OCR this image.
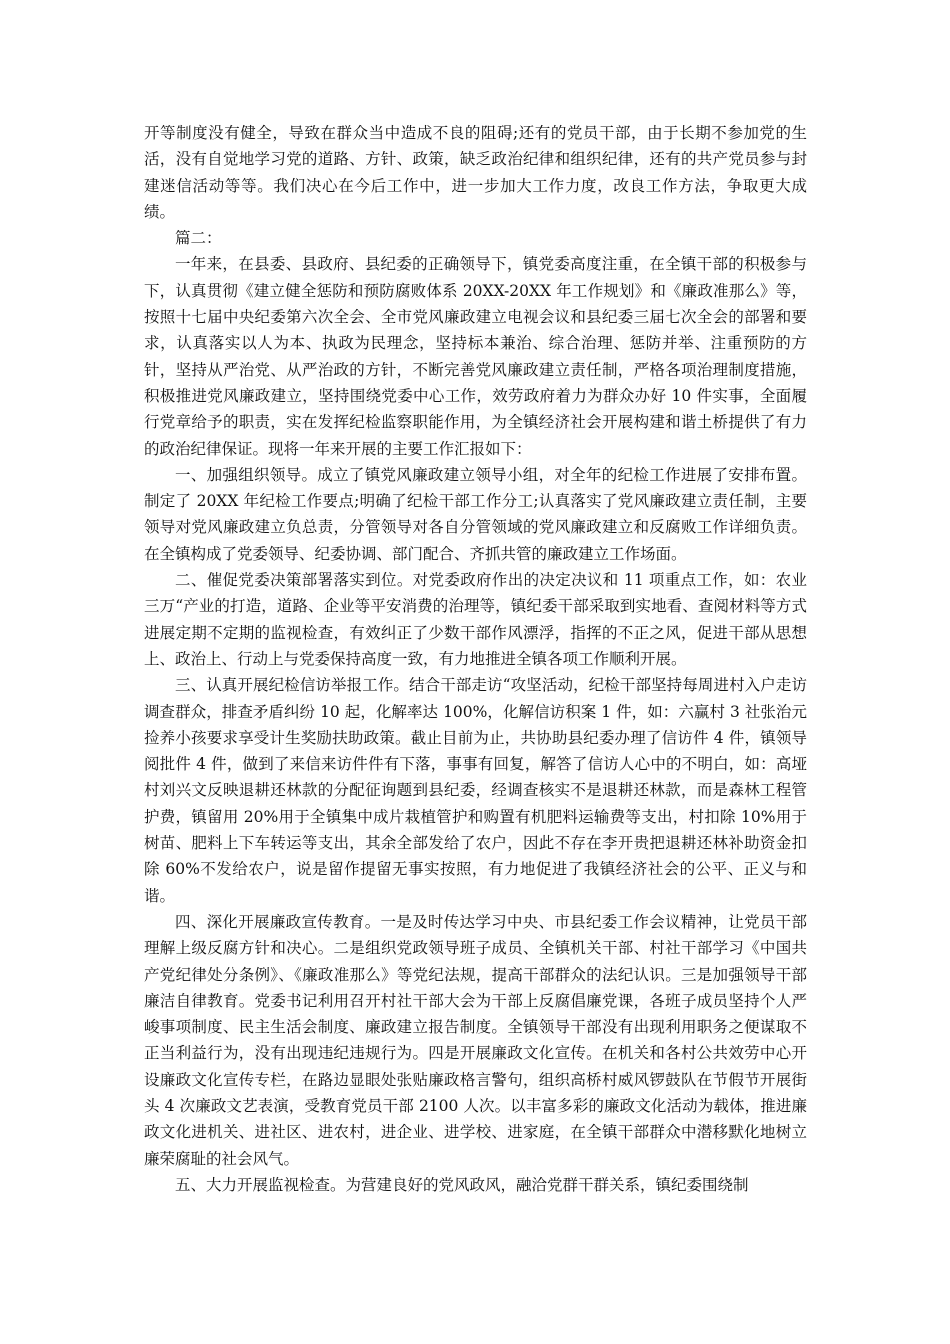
开等制度没有健全，导致在群众当中造成不良的阻碍;还有的党员干部，由于长期不参加党的生活，没有自觉地学习党的道路、方针、政策，缺乏政治纪律和组织纪律，还有的共产党员参与封建迷信活动等等。我们决心在今后工作中，进一步加大工作力度，改良工作方法，争取更大成绩。

篇二：

一年来，在县委、县政府、县纪委的正确领导下，镇党委高度注重，在全镇干部的积极参与下，认真贯彻《建立健全惩防和预防腐败体系 20XX-20XX 年工作规划》和《廉政准那么》等，按照十七届中央纪委第六次全会、全市党风廉政建立电视会议和县纪委三届七次全会的部署和要求，认真落实以人为本、执政为民理念，坚持标本兼治、综合治理、惩防并举、注重预防的方针，坚持从严治党、从严治政的方针，不断完善党风廉政建立责任制，严格各项治理制度措施，积极推进党风廉政建立，坚持围绕党委中心工作，效劳政府着力为群众办好 10 件实事，全面履行党章给予的职责，实在发挥纪检监察职能作用，为全镇经济社会开展构建和谐土桥提供了有力的政治纪律保证。现将一年来开展的主要工作汇报如下：

一、加强组织领导。成立了镇党风廉政建立领导小组，对全年的纪检工作进展了安排布置。制定了 20XX 年纪检工作要点;明确了纪检干部工作分工;认真落实了党风廉政建立责任制，主要领导对党风廉政建立负总责，分管领导对各自分管领域的党风廉政建立和反腐败工作详细负责。在全镇构成了党委领导、纪委协调、部门配合、齐抓共管的廉政建立工作场面。

二、催促党委决策部署落实到位。对党委政府作出的决定决议和 11 项重点工作，如：农业三万“产业的打造，道路、企业等平安消费的治理等，镇纪委干部采取到实地看、查阅材料等方式进展定期不定期的监视检查，有效纠正了少数干部作风漂浮，指挥的不正之风，促进干部从思想上、政治上、行动上与党委保持高度一致，有力地推进全镇各项工作顺利开展。

三、认真开展纪检信访举报工作。结合干部走访“攻坚活动，纪检干部坚持每周进村入户走访调查群众，排查矛盾纠纷 10 起，化解率达 100%，化解信访积案 1 件，如：六赢村 3 社张治元捡养小孩要求享受计生奖励扶助政策。截止目前为止，共协助县纪委办理了信访件 4 件，镇领导阅批件 4 件，做到了来信来访件件有下落，事事有回复，解答了信访人心中的不明白，如：高垭村刘兴文反映退耕还林款的分配征询题到县纪委，经调查核实不是退耕还林款，而是森林工程管护费，镇留用 20%用于全镇集中成片栽植管护和购置有机肥料运输费等支出，村扣除 10%用于树苗、肥料上下车转运等支出，其余全部发给了农户，因此不存在李开贵把退耕还林补助资金扣除 60%不发给农户，说是留作提留无事实按照，有力地促进了我镇经济社会的公平、正义与和谐。

四、深化开展廉政宣传教育。一是及时传达学习中央、市县纪委工作会议精神，让党员干部理解上级反腐方针和决心。二是组织党政领导班子成员、全镇机关干部、村社干部学习《中国共产党纪律处分条例》、《廉政准那么》等党纪法规，提高干部群众的法纪认识。三是加强领导干部廉洁自律教育。党委书记利用召开村社干部大会为干部上反腐倡廉党课，各班子成员坚持个人严峻事项制度、民主生活会制度、廉政建立报告制度。全镇领导干部没有出现利用职务之便谋取不正当利益行为，没有出现违纪违规行为。四是开展廉政文化宣传。在机关和各村公共效劳中心开设廉政文化宣传专栏，在路边显眼处张贴廉政格言警句，组织高桥村威风锣鼓队在节假节开展街头 4 次廉政文艺表演，受教育党员干部 2100 人次。以丰富多彩的廉政文化活动为载体，推进廉政文化进机关、进社区、进农村，进企业、进学校、进家庭，在全镇干部群众中潜移默化地树立廉荣腐耻的社会风气。

五、大力开展监视检查。为营建良好的党风政风，融洽党群干群关系，镇纪委围绕制
